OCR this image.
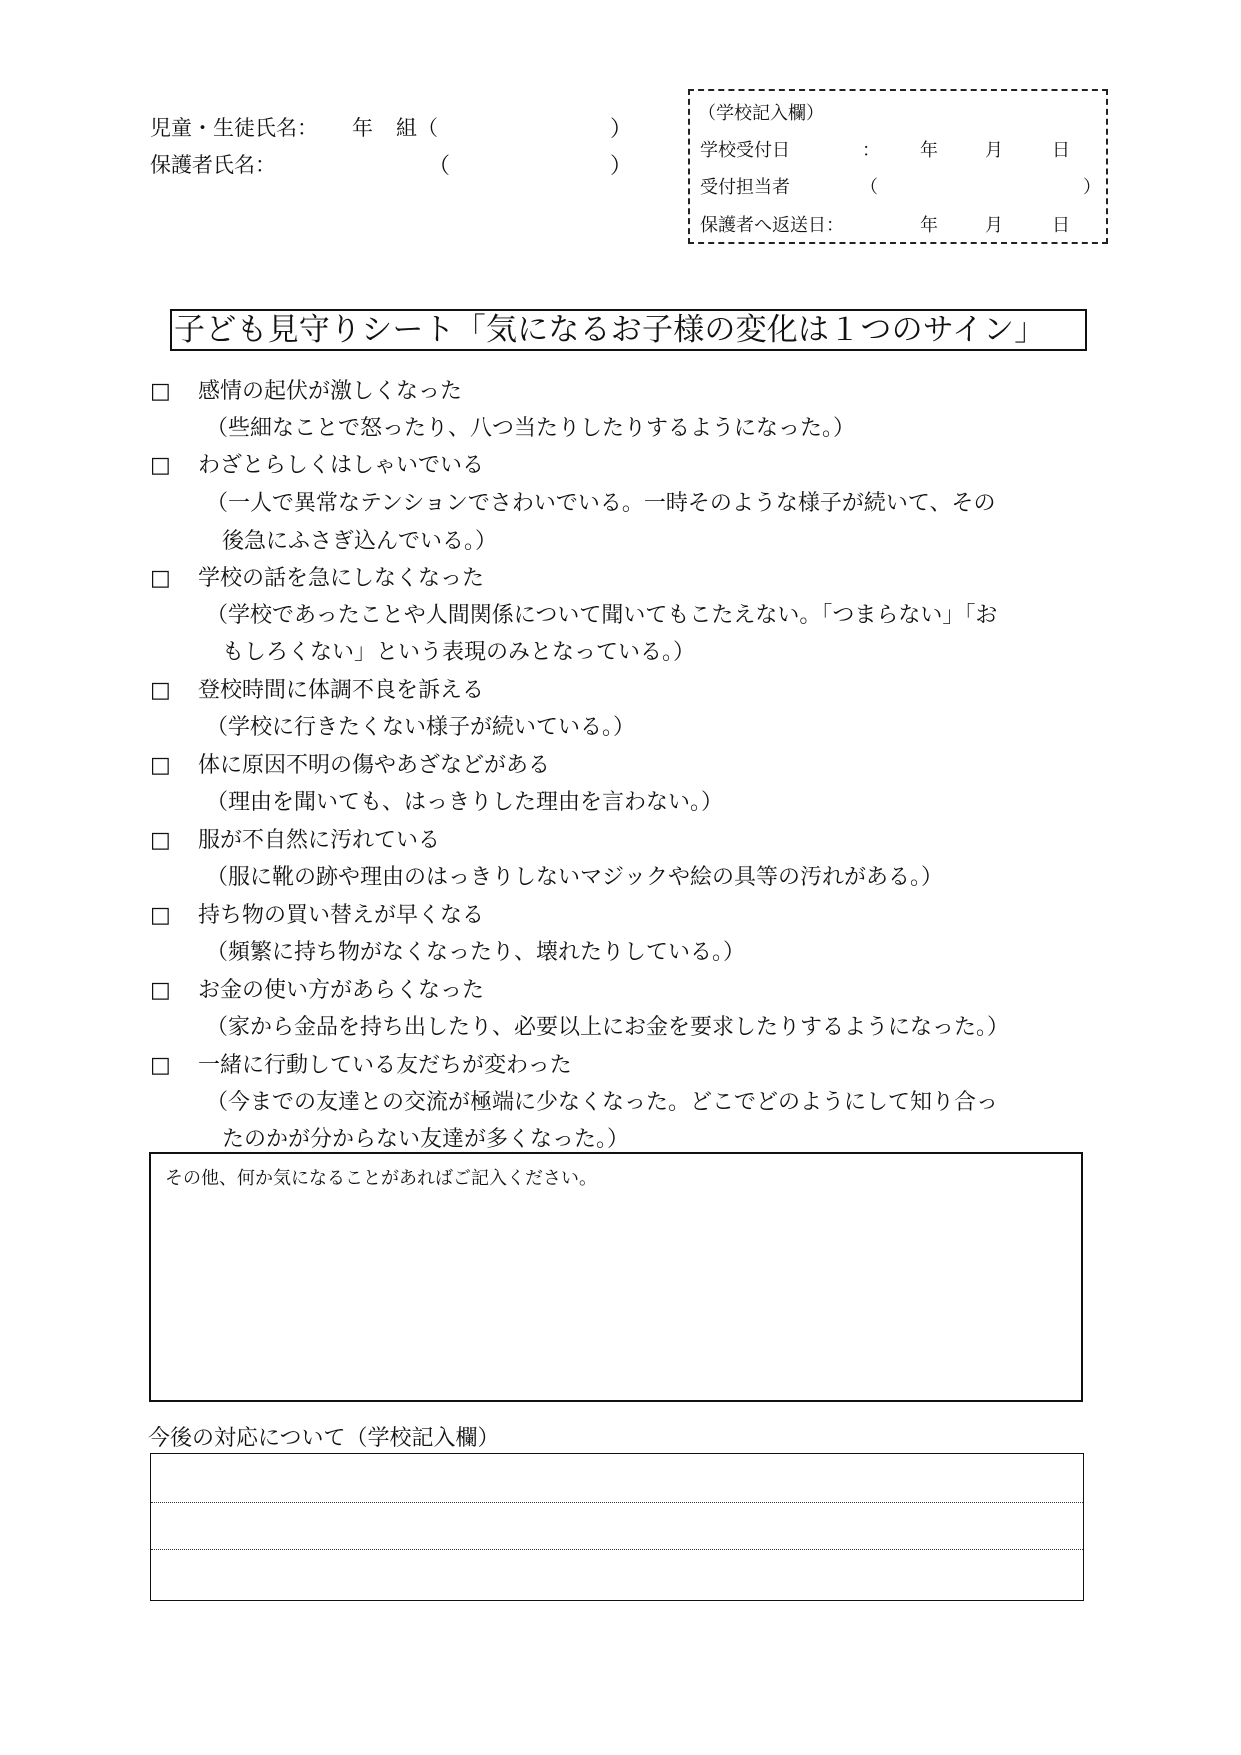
児童・生徒氏名： 年 組（	）
保護者氏名：	（	）
（学校記入欄）
学校受付日	： 年	月	日
受付担当者	（	）
保護者へ返送日：	年	月	日
子ども見守りシート「気になるお子様の変化は１つのサイン」
□ 感情の起伏が激しくなった
（些細なことで怒ったり、八つ当たりしたりするようになった。）
□ わざとらしくはしゃいでいる
（一人で異常なテンションでさわいでいる。一時そのような様子が続いて、その
後急にふさぎ込んでいる。）
□ 学校の話を急にしなくなった
（学校であったことや人間関係について聞いてもこたえない。「つまらない」「お
もしろくない」という表現のみとなっている。）
□ 登校時間に体調不良を訴える
（学校に行きたくない様子が続いている。）
□ 体に原因不明の傷やあざなどがある
（理由を聞いても、はっきりした理由を言わない。）
□ 服が不自然に汚れている
（服に靴の跡や理由のはっきりしないマジックや絵の具等の汚れがある。）
□ 持ち物の買い替えが早くなる
（頻繁に持ち物がなくなったり、壊れたりしている。）
□ お金の使い方があらくなった
（家から金品を持ち出したり、必要以上にお金を要求したりするようになった。）
□ 一緒に行動している友だちが変わった
（今までの友達との交流が極端に少なくなった。どこでどのようにして知り合っ
たのかが分からない友達が多くなった。）
その他、何か気になることがあればご記入ください。
今後の対応について（学校記入欄）
